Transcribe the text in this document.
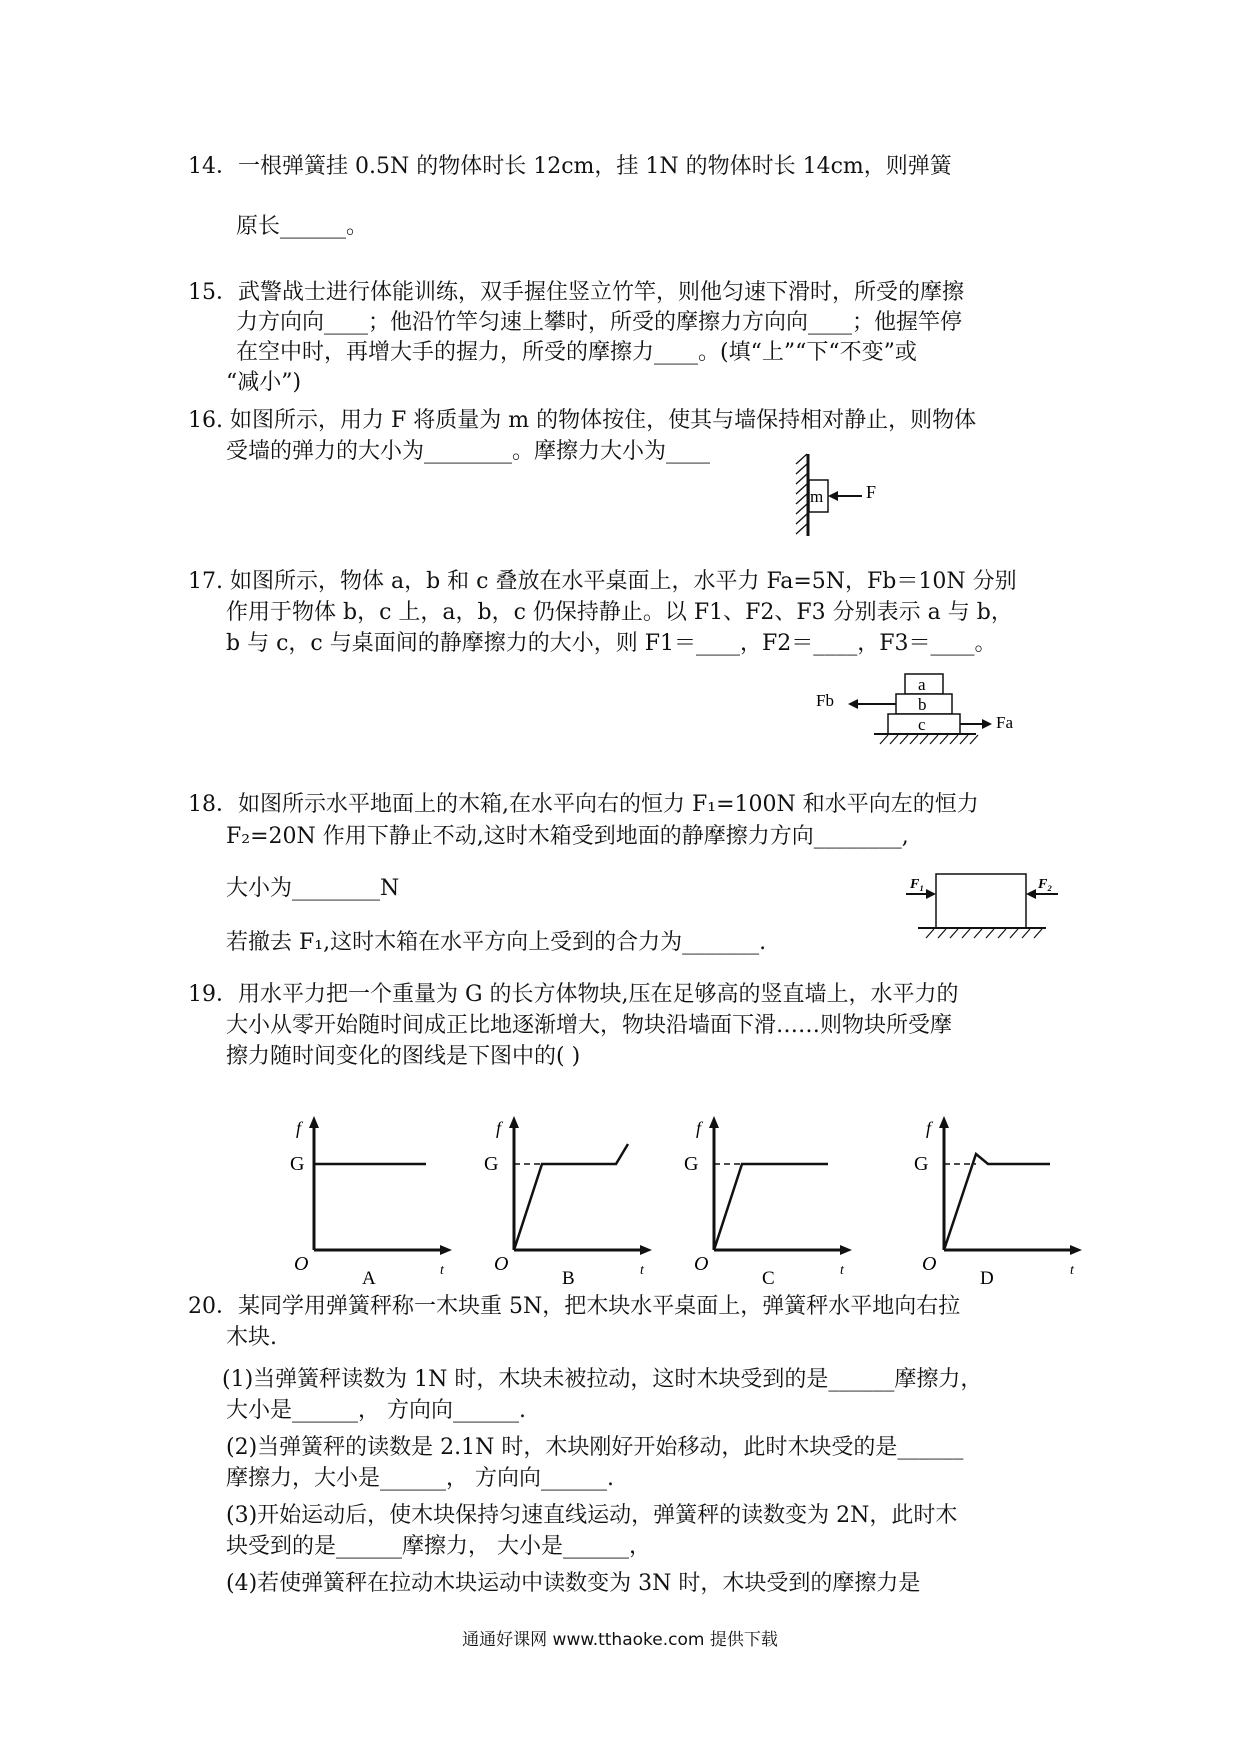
14．一根弹簧挂 0.5N 的物体时长 12cm，挂 1N 的物体时长 14cm，则弹簧
原长______。
15．武警战士进行体能训练，双手握住竖立竹竿，则他匀速下滑时，所受的摩擦
力方向向____；他沿竹竿匀速上攀时，所受的摩擦力方向向____；他握竿停
在空中时，再增大手的握力，所受的摩擦力____。(填“上”“下“不变”或
“减小”)
16. 如图所示，用力 F 将质量为 m 的物体按住，使其与墙保持相对静止，则物体
受墙的弹力的大小为________。摩擦力大小为____
m F
17. 如图所示，物体 a，b 和 c 叠放在水平桌面上，水平力 Fa=5N，Fb＝10N 分别
作用于物体 b，c 上，a，b，c 仍保持静止。以 F1、F2、F3 分别表示 a 与 b，
b 与 c，c 与桌面间的静摩擦力的大小，则 F1＝____，F2＝____，F3＝____。
a
b
c
Fb
Fa
18．如图所示水平地面上的木箱,在水平向右的恒力 F₁=100N 和水平向左的恒力
F₂=20N 作用下静止不动,这时木箱受到地面的静摩擦力方向________,
大小为________N
若撤去 F₁,这时木箱在水平方向上受到的合力为_______.
F₁	F₂
19．用水平力把一个重量为 G 的长方体物块,压在足够高的竖直墙上，水平力的
大小从零开始随时间成正比地逐渐增大，物块沿墙面下滑……则物块所受摩
擦力随时间变化的图线是下图中的( )
f
G
O	t
A
f
G
O	t
B
f
G
O	t
C
f
G
O	t
D
20．某同学用弹簧秤称一木块重 5N，把木块水平桌面上，弹簧秤水平地向右拉
木块.
(1)当弹簧秤读数为 1N 时，木块未被拉动，这时木块受到的是______摩擦力，
大小是______， 方向向______.
(2)当弹簧秤的读数是 2.1N 时，木块刚好开始移动，此时木块受的是______
摩擦力，大小是______， 方向向______.
(3)开始运动后，使木块保持匀速直线运动，弹簧秤的读数变为 2N，此时木
块受到的是______摩擦力， 大小是______，
(4)若使弹簧秤在拉动木块运动中读数变为 3N 时，木块受到的摩擦力是
通通好课网 www.tthaoke.com 提供下载
